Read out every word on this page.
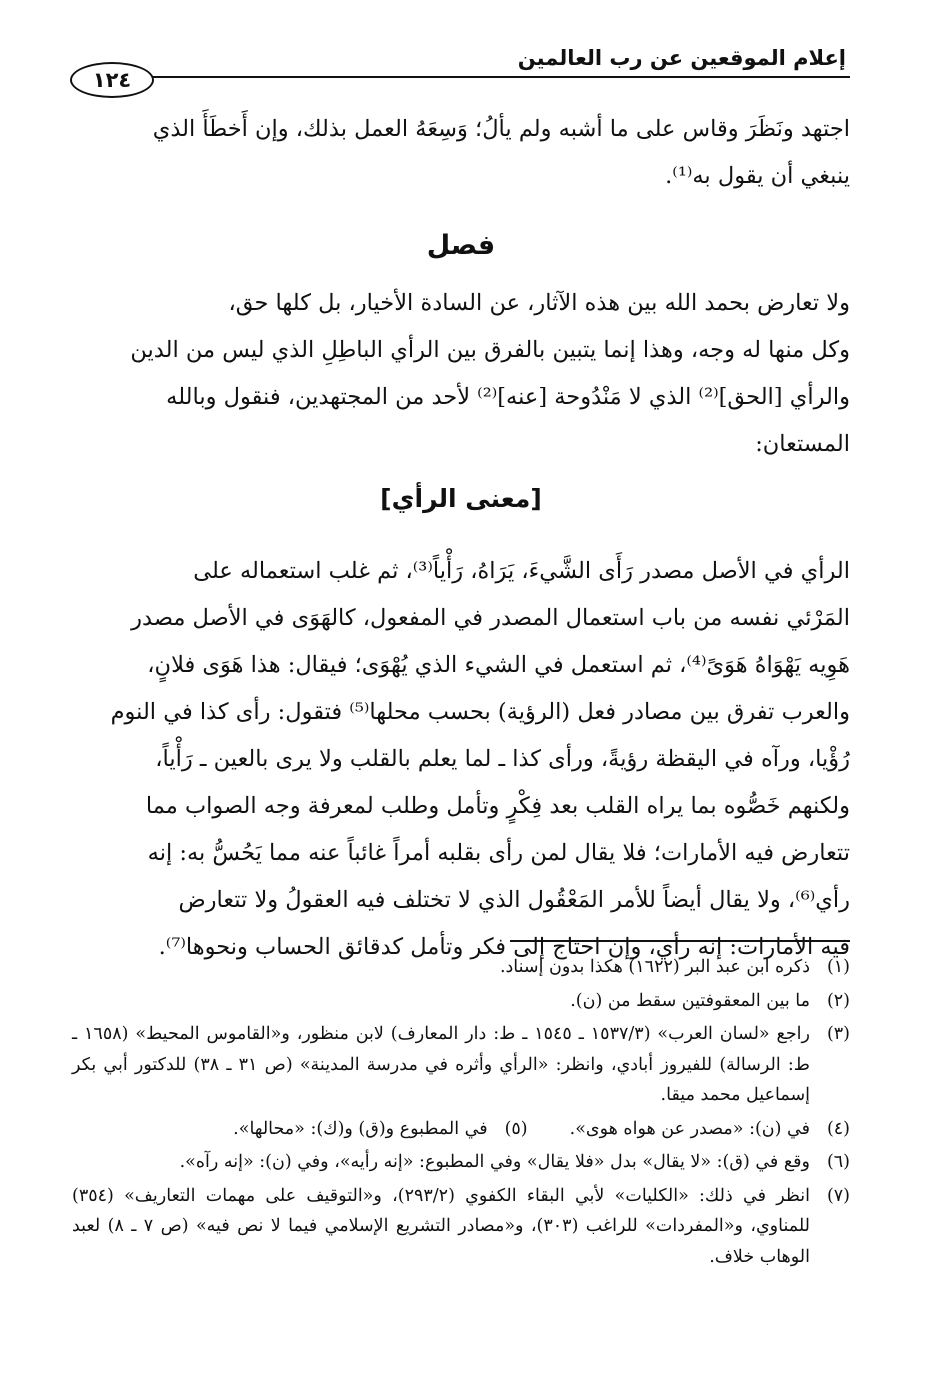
إعلام الموقعين عن رب العالمين
١٢٤
اجتهد ونَظَرَ وقاس على ما أشبه ولم يألُ؛ وَسِعَهُ العمل بذلك، وإن أَخطَأَ الذي
ينبغي أن يقول به⁽¹⁾.
فصل
ولا تعارض بحمد الله بين هذه الآثار، عن السادة الأخيار، بل كلها حق،
وكل منها له وجه، وهذا إنما يتبين بالفرق بين الرأي الباطِلِ الذي ليس من الدين
والرأي [الحق]⁽²⁾ الذي لا مَنْدُوحة [عنه]⁽²⁾ لأحد من المجتهدين، فنقول وبالله
المستعان:
[معنى الرأي]
الرأي في الأصل مصدر رَأَى الشَّيءَ، يَرَاهُ، رَأْياً⁽³⁾، ثم غلب استعماله على
المَرْئي نفسه من باب استعمال المصدر في المفعول، كالهَوَى في الأصل مصدر
هَوِيه يَهْوَاهُ هَوَىً⁽⁴⁾، ثم استعمل في الشيء الذي يُهْوَى؛ فيقال: هذا هَوَى فلانٍ،
والعرب تفرق بين مصادر فعل (الرؤية) بحسب محلها⁽⁵⁾ فتقول: رأى كذا في النوم
رُؤْيا، ورآه في اليقظة رؤيةً، ورأى كذا ـ لما يعلم بالقلب ولا يرى بالعين ـ رَأْياً،
ولكنهم خَصُّوه بما يراه القلب بعد فِكْرٍ وتأمل وطلب لمعرفة وجه الصواب مما
تتعارض فيه الأمارات؛ فلا يقال لمن رأى بقلبه أمراً غائباً عنه مما يَحُسُّ به: إنه
رأي⁽⁶⁾، ولا يقال أيضاً للأمر المَعْقُول الذي لا تختلف فيه العقولُ ولا تتعارض
فيه الأمارات: إنه رأي، وإن احتاج إلى فكر وتأمل كدقائق الحساب ونحوها⁽⁷⁾.
(١)
ذكره ابن عبد البر (١٦٢٢) هكذا بدون إسناد.
(٢)
ما بين المعقوفتين سقط من (ن).
(٣)
راجع «لسان العرب» (١٥٣٧/٣ ـ ١٥٤٥ ـ ط: دار المعارف) لابن منظور، و«القاموس المحيط» (١٦٥٨ ـ ط: الرسالة) للفيروز أبادي، وانظر: «الرأي وأثره في مدرسة المدينة» (ص ٣١ ـ ٣٨) للدكتور أبي بكر إسماعيل محمد ميقا.
(٤)
في (ن): «مصدر عن هواه هوى».
(٥)
في المطبوع و(ق) و(ك): «محالها».
(٦)
وقع في (ق): «لا يقال» بدل «فلا يقال» وفي المطبوع: «إنه رأيه»، وفي (ن): «إنه رآه».
(٧)
انظر في ذلك: «الكليات» لأبي البقاء الكفوي (٢٩٣/٢)، و«التوقيف على مهمات التعاريف» (٣٥٤) للمناوي، و«المفردات» للراغب (٣٠٣)، و«مصادر التشريع الإسلامي فيما لا نص فيه» (ص ٧ ـ ٨) لعبد الوهاب خلاف.
